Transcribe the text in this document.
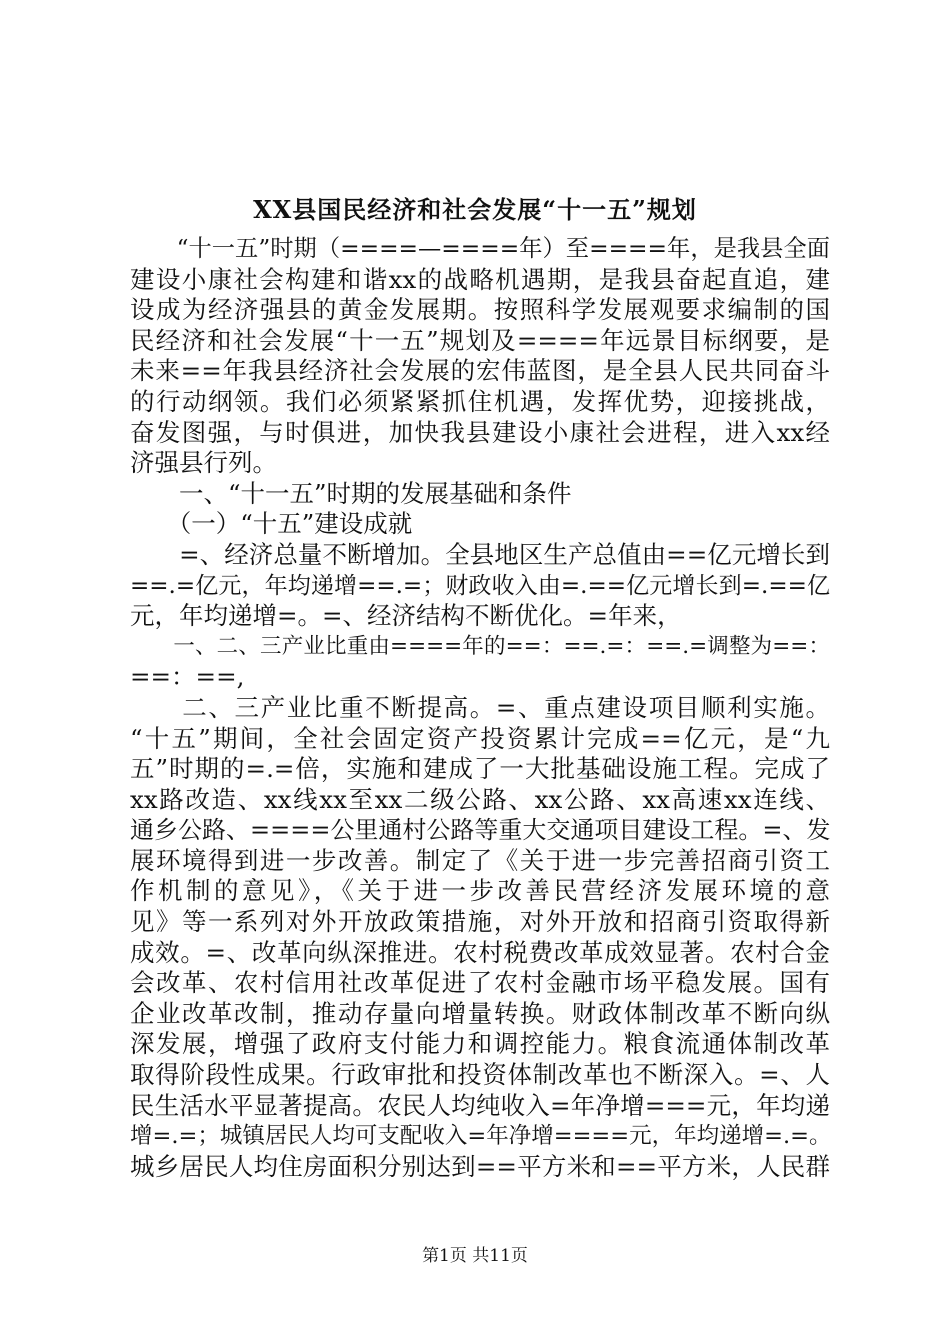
XX县国民经济和社会发展“十一五”规划
　　“十一五”时期（====—====年）至====年，是我县全面
建设小康社会构建和谐xx的战略机遇期，是我县奋起直追，建
设成为经济强县的黄金发展期。按照科学发展观要求编制的国
民经济和社会发展“十一五”规划及====年远景目标纲要，是
未来==年我县经济社会发展的宏伟蓝图，是全县人民共同奋斗
的行动纲领。我们必须紧紧抓住机遇，发挥优势，迎接挑战，
奋发图强，与时俱进，加快我县建设小康社会进程，进入xx经
济强县行列。
　　一、“十一五”时期的发展基础和条件
　　（一）“十五”建设成就
　　=、经济总量不断增加。全县地区生产总值由==亿元增长到
==.=亿元，年均递增==.=；财政收入由=.==亿元增长到=.==亿
元，年均递增=。=、经济结构不断优化。=年来，
　　一、二、三产业比重由====年的==：==.=：==.=调整为==：
==：==,
　　二、三产业比重不断提高。=、重点建设项目顺利实施。
“十五”期间，全社会固定资产投资累计完成==亿元，是“九
五”时期的=.=倍，实施和建成了一大批基础设施工程。完成了
xx路改造、xx线xx至xx二级公路、xx公路、xx高速xx连线、
通乡公路、====公里通村公路等重大交通项目建设工程。=、发
展环境得到进一步改善。制定了《关于进一步完善招商引资工
作机制的意见》，《关于进一步改善民营经济发展环境的意
见》等一系列对外开放政策措施，对外开放和招商引资取得新
成效。=、改革向纵深推进。农村税费改革成效显著。农村合金
会改革、农村信用社改革促进了农村金融市场平稳发展。国有
企业改革改制，推动存量向增量转换。财政体制改革不断向纵
深发展，增强了政府支付能力和调控能力。粮食流通体制改革
取得阶段性成果。行政审批和投资体制改革也不断深入。=、人
民生活水平显著提高。农民人均纯收入=年净增===元，年均递
增=.=；城镇居民人均可支配收入=年净增====元，年均递增=.=。
城乡居民人均住房面积分别达到==平方米和==平方米，人民群
第1页 共11页
